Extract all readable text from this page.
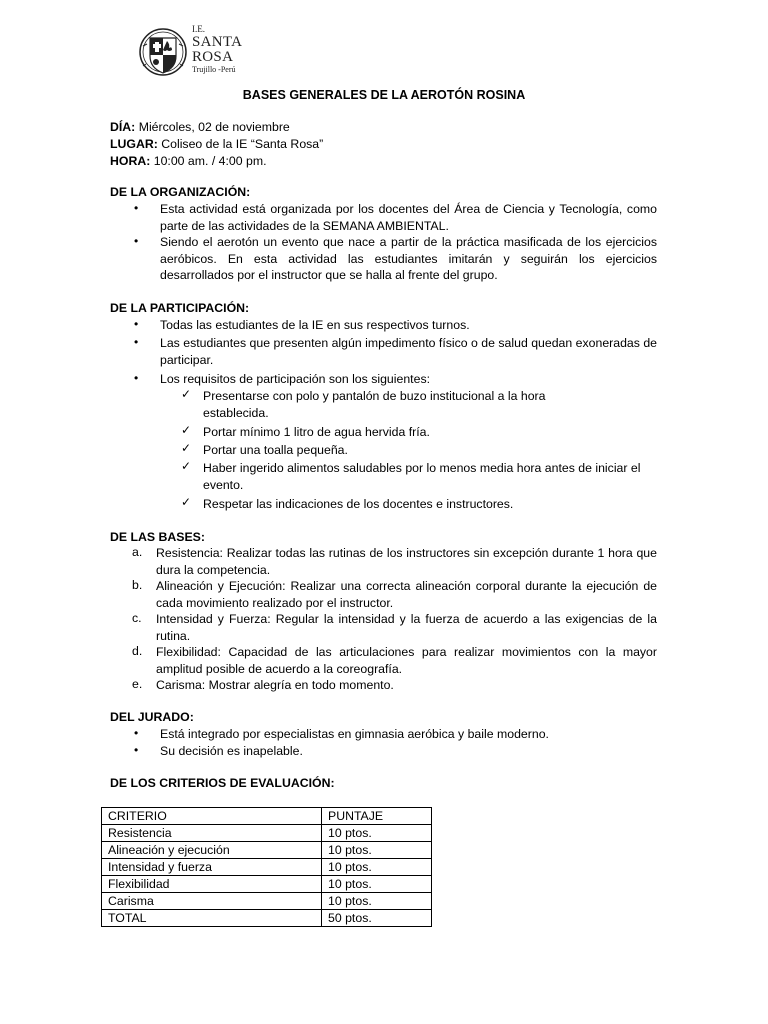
I.E.
SANTA
ROSA
Trujillo -Perú
BASES GENERALES DE LA AEROTÓN ROSINA
DÍA: Miércoles, 02 de noviembre
LUGAR: Coliseo de la IE “Santa Rosa”
HORA: 10:00 am. / 4:00 pm.
DE LA ORGANIZACIÓN:
• Esta actividad está organizada por los docentes del Área de Ciencia y Tecnología, como parte de las actividades de la SEMANA AMBIENTAL.
• Siendo el aerotón un evento que nace a partir de la práctica masificada de los ejercicios aeróbicos. En esta actividad las estudiantes imitarán y seguirán los ejercicios desarrollados por el instructor que se halla al frente del grupo.
DE LA PARTICIPACIÓN:
• Todas las estudiantes de la IE en sus respectivos turnos.
• Las estudiantes que presenten algún impedimento físico o de salud quedan exoneradas de participar.
• Los requisitos de participación son los siguientes:
✓ Presentarse con polo y pantalón de buzo institucional a la hora establecida.
✓ Portar mínimo 1 litro de agua hervida fría.
✓ Portar una toalla pequeña.
✓ Haber ingerido alimentos saludables por lo menos media hora antes de iniciar el evento.
✓ Respetar las indicaciones de los docentes e instructores.
DE LAS BASES:
a. Resistencia: Realizar todas las rutinas de los instructores sin excepción durante 1 hora que dura la competencia.
b. Alineación y Ejecución: Realizar una correcta alineación corporal durante la ejecución de cada movimiento realizado por el instructor.
c. Intensidad y Fuerza: Regular la intensidad y la fuerza de acuerdo a las exigencias de la rutina.
d. Flexibilidad: Capacidad de las articulaciones para realizar movimientos con la mayor amplitud posible de acuerdo a la coreografía.
e. Carisma: Mostrar alegría en todo momento.
DEL JURADO:
• Está integrado por especialistas en gimnasia aeróbica y baile moderno.
• Su decisión es inapelable.
DE LOS CRITERIOS DE EVALUACIÓN:
CRITERIO	PUNTAJE
Resistencia	10 ptos.
Alineación y ejecución	10 ptos.
Intensidad y fuerza	10 ptos.
Flexibilidad	10 ptos.
Carisma	10 ptos.
TOTAL	50 ptos.
